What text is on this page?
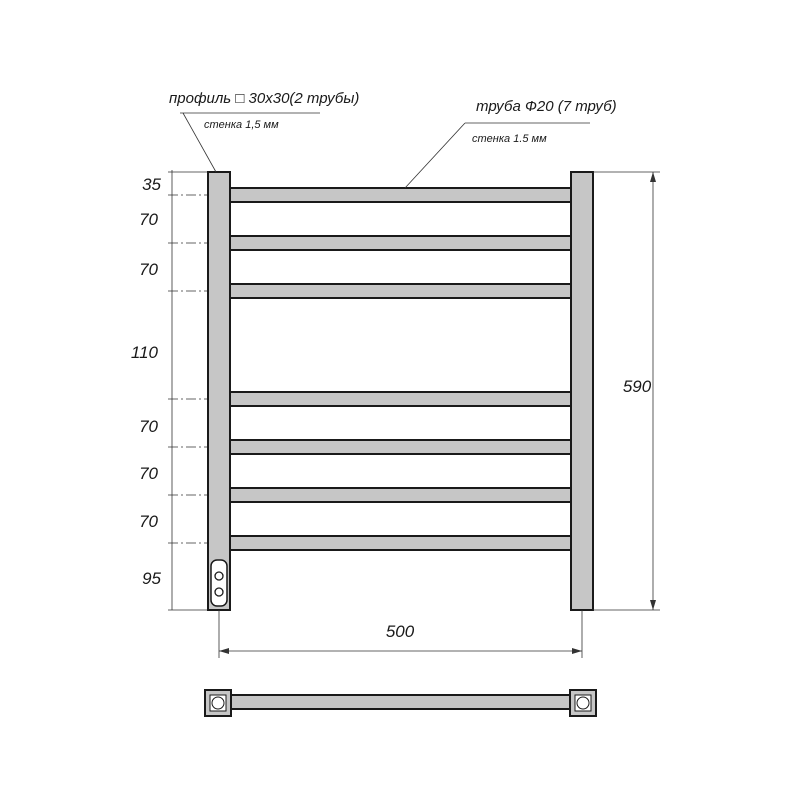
35
70
70
110
70
70
70
95
590
500
профиль □ 30х30(2 трубы)
стенка 1,5 мм
труба Ф20 (7 труб)
стенка 1.5 мм
